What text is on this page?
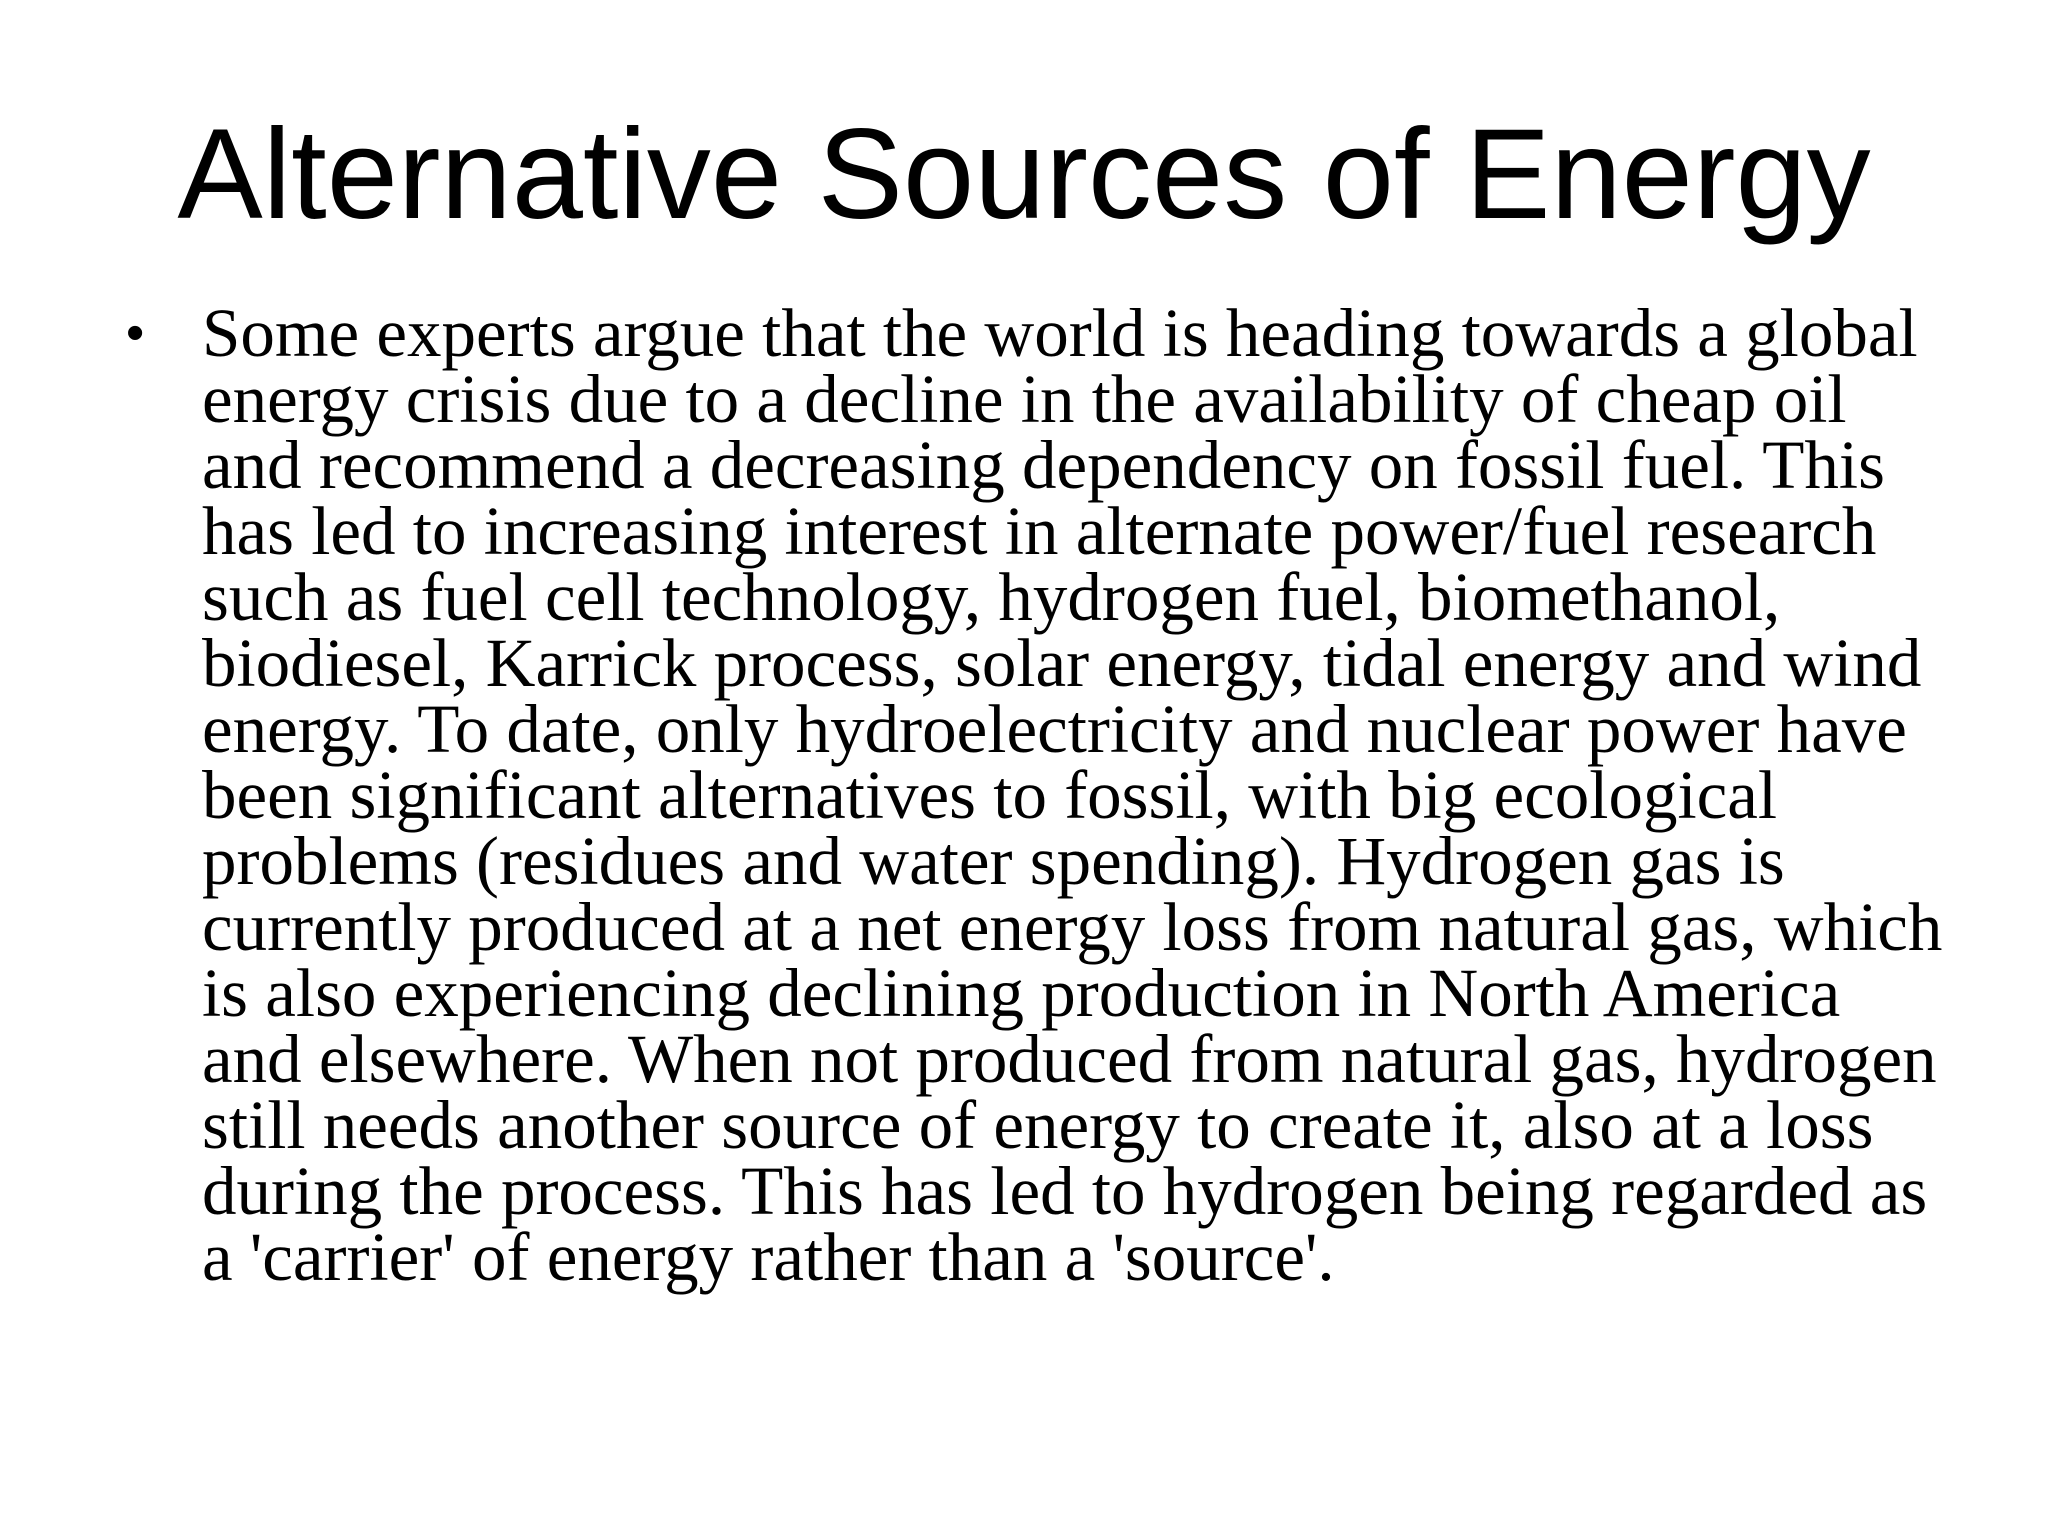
Alternative Sources of Energy
• Some experts argue that the world is heading towards a global energy crisis due to a decline in the availability of cheap oil and recommend a decreasing dependency on fossil fuel. This has led to increasing interest in alternate power/fuel research such as fuel cell technology, hydrogen fuel, biomethanol, biodiesel, Karrick process, solar energy, tidal energy and wind energy. To date, only hydroelectricity and nuclear power have been significant alternatives to fossil, with big ecological problems (residues and water spending). Hydrogen gas is currently produced at a net energy loss from natural gas, which is also experiencing declining production in North America and elsewhere. When not produced from natural gas, hydrogen still needs another source of energy to create it, also at a loss during the process. This has led to hydrogen being regarded as a 'carrier' of energy rather than a 'source'.
